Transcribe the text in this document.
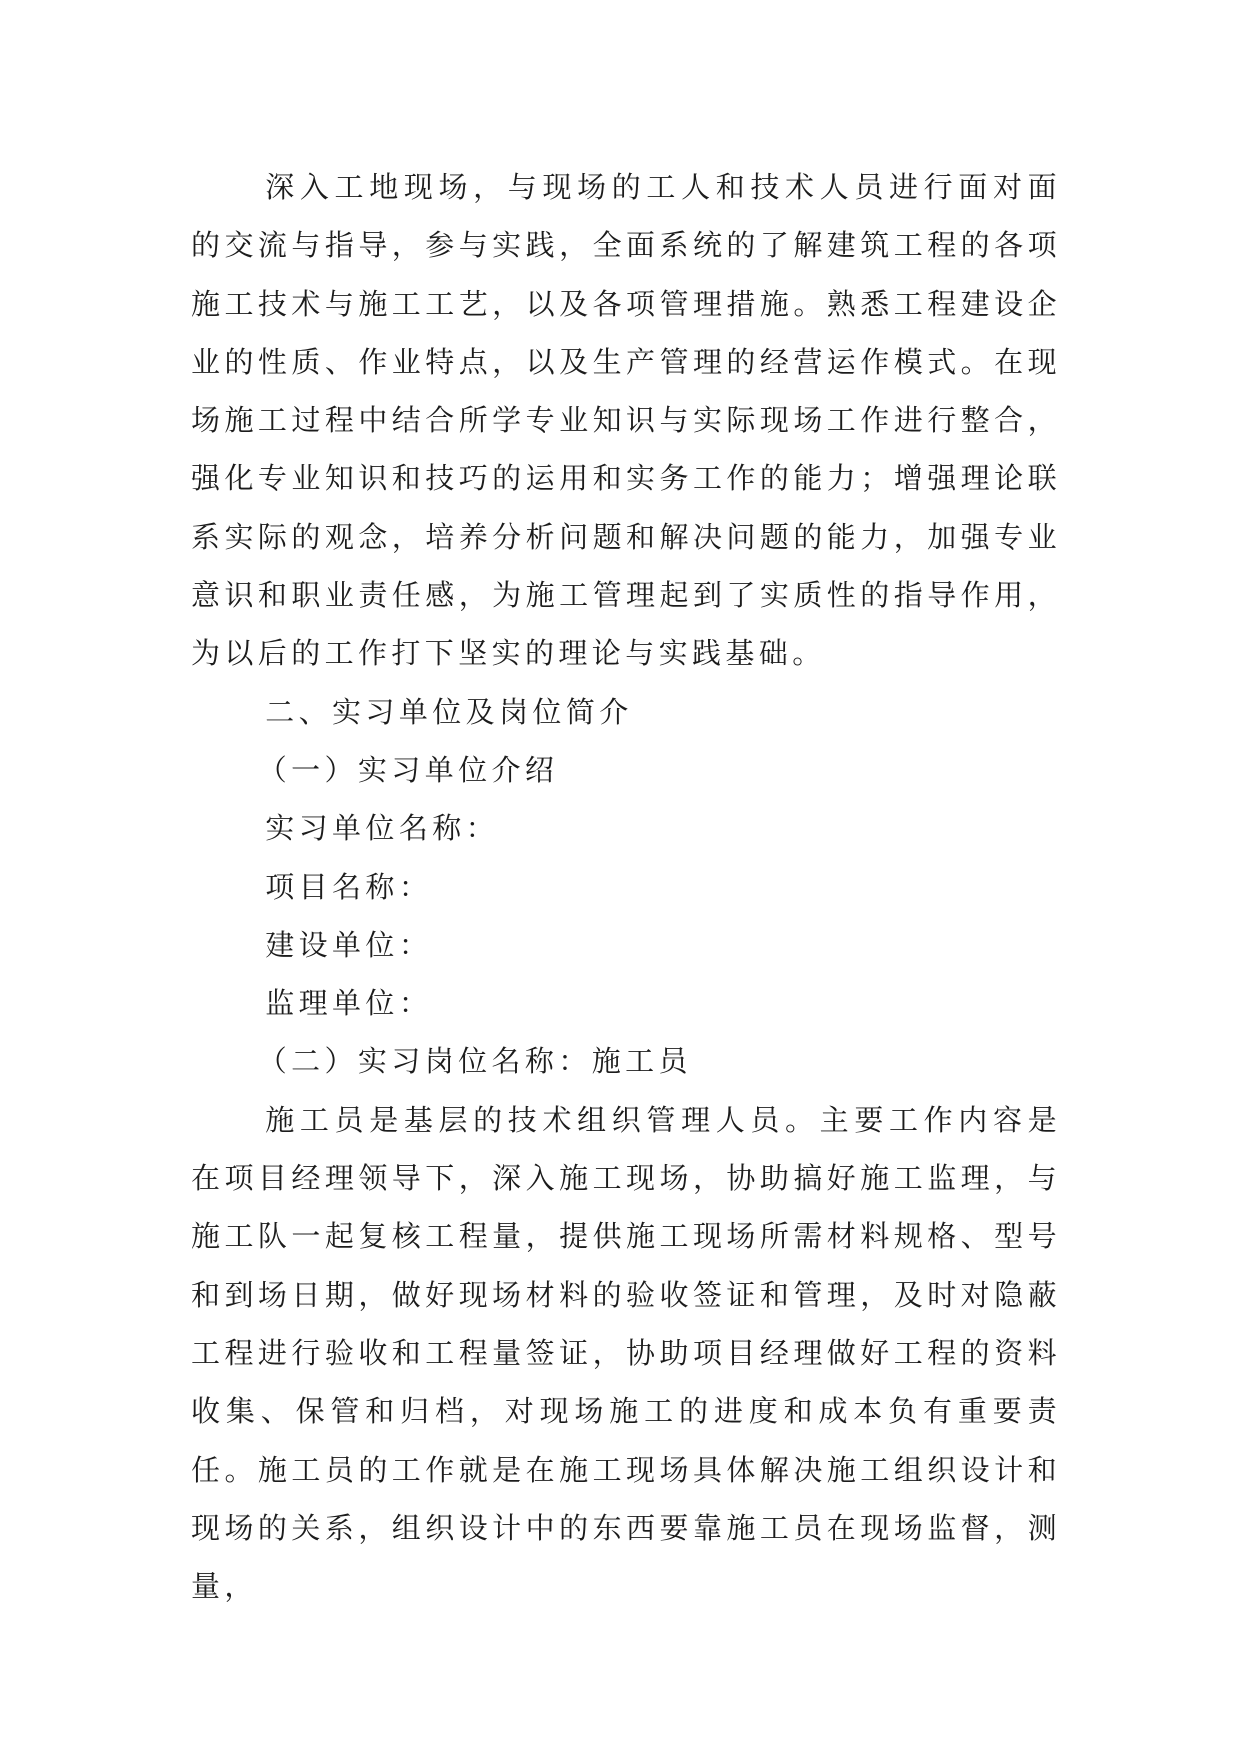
深入工地现场，与现场的工人和技术人员进行面对面的交流与指导，参与实践，全面系统的了解建筑工程的各项施工技术与施工工艺，以及各项管理措施。熟悉工程建设企业的性质、作业特点，以及生产管理的经营运作模式。在现场施工过程中结合所学专业知识与实际现场工作进行整合，强化专业知识和技巧的运用和实务工作的能力；增强理论联系实际的观念，培养分析问题和解决问题的能力，加强专业意识和职业责任感，为施工管理起到了实质性的指导作用，为以后的工作打下坚实的理论与实践基础。

二、实习单位及岗位简介

（一）实习单位介绍

实习单位名称：

项目名称：

建设单位：

监理单位：

（二）实习岗位名称：施工员

施工员是基层的技术组织管理人员。主要工作内容是在项目经理领导下，深入施工现场，协助搞好施工监理，与施工队一起复核工程量，提供施工现场所需材料规格、型号和到场日期，做好现场材料的验收签证和管理，及时对隐蔽工程进行验收和工程量签证，协助项目经理做好工程的资料收集、保管和归档，对现场施工的进度和成本负有重要责任。施工员的工作就是在施工现场具体解决施工组织设计和现场的关系，组织设计中的东西要靠施工员在现场监督，测量，
